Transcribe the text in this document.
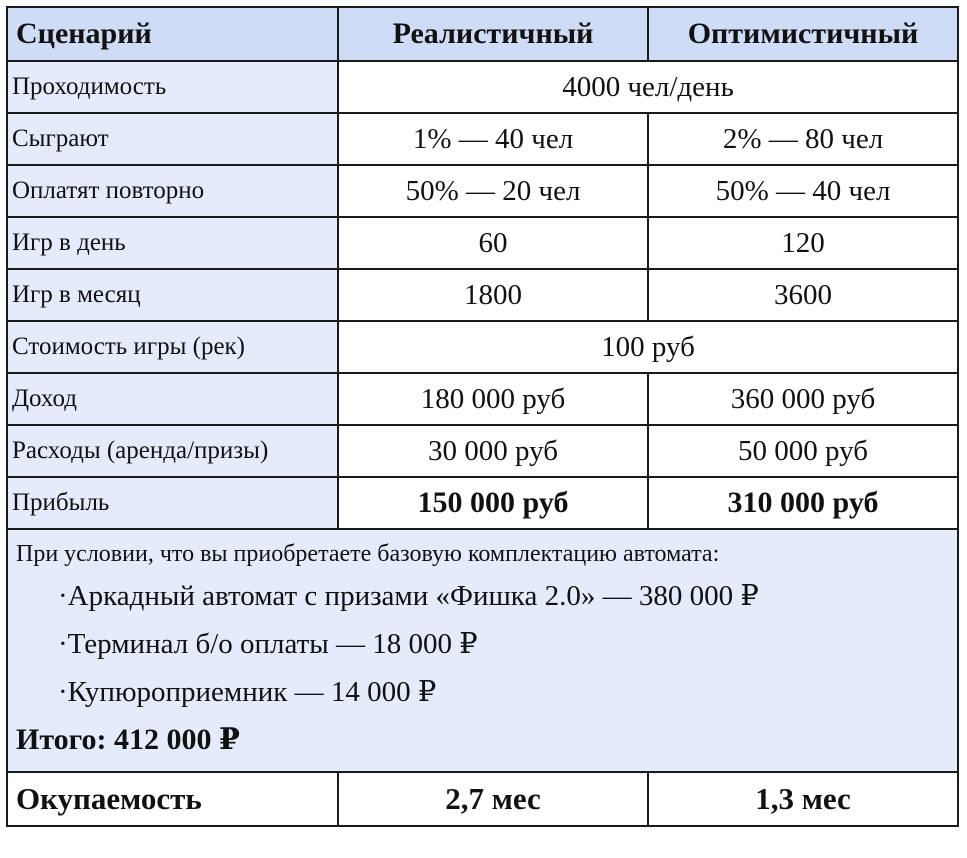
Сценарий	Реалистичный	Оптимистичный
Проходимость	4000 чел/день	
Сыграют	1% — 40 чел	2% — 80 чел
Оплатят повторно	50% — 20 чел	50% — 40 чел
Игр в день	60	120
Игр в месяц	1800	3600
Стоимость игры (рек)	100 руб	
Доход	180 000 руб	360 000 руб
Расходы (аренда/призы)	30 000 руб	50 000 руб
Прибыль	150 000 руб	310 000 руб

При условии, что вы приобретаете базовую комплектацию автомата:
·Аркадный автомат с призами «Фишка 2.0» — 380 000 ₽
·Терминал б/о оплаты — 18 000 ₽
·Купюроприемник — 14 000 ₽
Итого: 412 000 ₽		

Окупаемость	2,7 мес	1,3 мес
